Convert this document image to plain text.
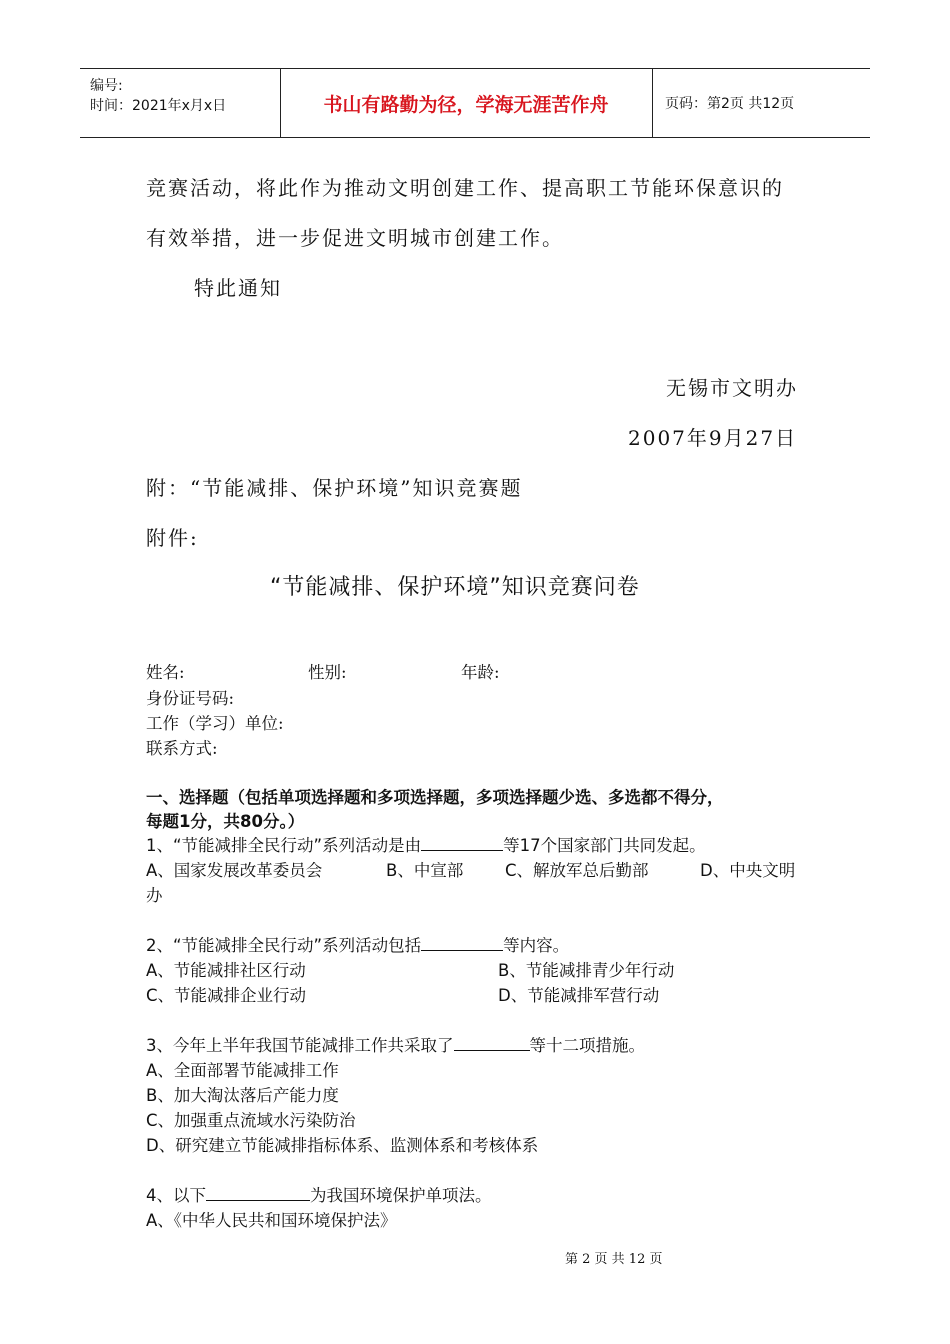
编号:
时间：2021年x月x日	书山有路勤为径，学海无涯苦作舟	页码：第2页 共12页
竞赛活动，将此作为推动文明创建工作、提高职工节能环保意识的
有效举措，进一步促进文明城市创建工作。
特此通知
无锡市文明办
2007年9月27日
附：“节能减排、保护环境”知识竞赛题
附件:
“节能减排、保护环境”知识竞赛问卷
姓名:	性别:	年龄:
身份证号码:
工作（学习）单位:
联系方式:
一、选择题（包括单项选择题和多项选择题，多项选择题少选、多选都不得分，
每题1分，共80分。）
1、“节能减排全民行动”系列活动是由	等17个国家部门共同发起。
A、国家发展改革委员会	B、中宣部	C、解放军总后勤部	D、中央文明
办
2、“节能减排全民行动”系列活动包括	等内容。
A、节能减排社区行动	B、节能减排青少年行动
C、节能减排企业行动	D、节能减排军营行动
3、今年上半年我国节能减排工作共采取了	等十二项措施。
A、全面部署节能减排工作
B、加大淘汰落后产能力度
C、加强重点流域水污染防治
D、研究建立节能减排指标体系、监测体系和考核体系
4、以下	为我国环境保护单项法。
A、《中华人民共和国环境保护法》
第 2 页 共 12 页
